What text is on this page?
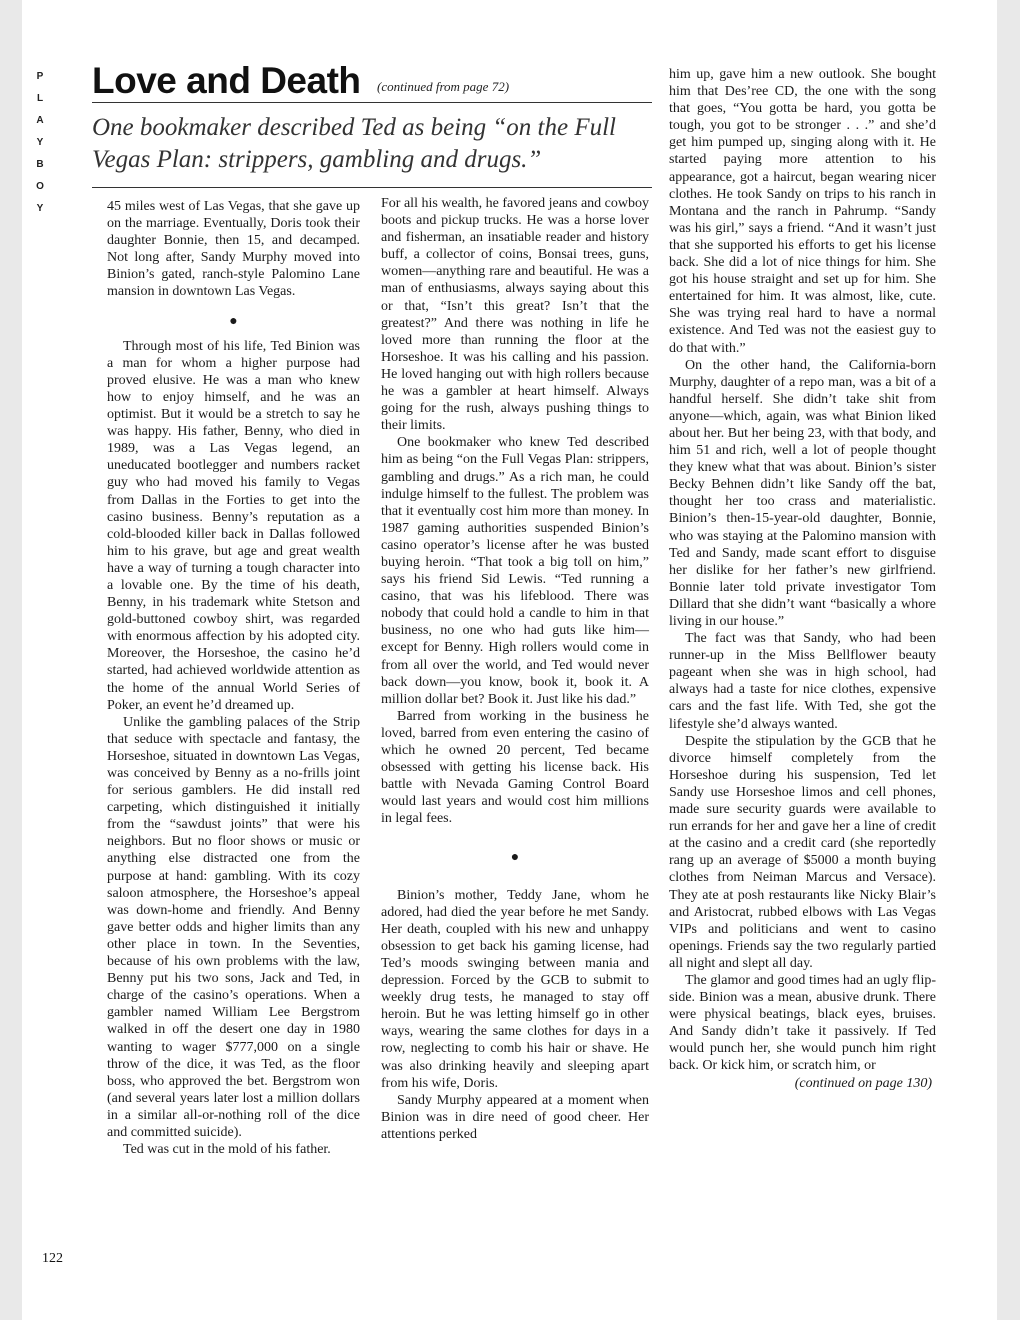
P
L
A
Y
B
O
Y
Love and Death (continued from page 72)
One bookmaker described Ted as being “on the Full Vegas Plan: strippers, gambling and drugs.”

45 miles west of Las Vegas, that she gave up on the marriage. Eventually, Doris took their daughter Bonnie, then 15, and decamped. Not long after, Sandy Murphy moved into Binion’s gated, ranch-style Palomino Lane mansion in downtown Las Vegas.

●

Through most of his life, Ted Binion was a man for whom a higher purpose had proved elusive. He was a man who knew how to enjoy himself, and he was an optimist. But it would be a stretch to say he was happy. His father, Benny, who died in 1989, was a Las Vegas legend, an uneducated bootlegger and numbers racket guy who had moved his family to Vegas from Dallas in the Forties to get into the casino business. Benny’s reputation as a cold-blooded killer back in Dallas followed him to his grave, but age and great wealth have a way of turning a tough character into a lovable one. By the time of his death, Benny, in his trademark white Stetson and gold-buttoned cowboy shirt, was regarded with enormous affection by his adopted city. Moreover, the Horseshoe, the casino he’d started, had achieved worldwide attention as the home of the annual World Series of Poker, an event he’d dreamed up.

Unlike the gambling palaces of the Strip that seduce with spectacle and fantasy, the Horseshoe, situated in downtown Las Vegas, was conceived by Benny as a no-frills joint for serious gamblers. He did install red carpeting, which distinguished it initially from the “sawdust joints” that were his neighbors. But no floor shows or music or anything else distracted one from the purpose at hand: gambling. With its cozy saloon atmosphere, the Horseshoe’s appeal was down-home and friendly. And Benny gave better odds and higher limits than any other place in town. In the Seventies, because of his own problems with the law, Benny put his two sons, Jack and Ted, in charge of the casino’s operations. When a gambler named William Lee Bergstrom walked in off the desert one day in 1980 wanting to wager $777,000 on a single throw of the dice, it was Ted, as the floor boss, who approved the bet. Bergstrom won (and several years later lost a million dollars in a similar all-or-nothing roll of the dice and committed suicide).

Ted was cut in the mold of his father.

For all his wealth, he favored jeans and cowboy boots and pickup trucks. He was a horse lover and fisherman, an insatiable reader and history buff, a collector of coins, Bonsai trees, guns, women—anything rare and beautiful. He was a man of enthusiasms, always saying about this or that, “Isn’t this great? Isn’t that the greatest?” And there was nothing in life he loved more than running the floor at the Horseshoe. It was his calling and his passion. He loved hanging out with high rollers because he was a gambler at heart himself. Always going for the rush, always pushing things to their limits.

One bookmaker who knew Ted described him as being “on the Full Vegas Plan: strippers, gambling and drugs.” As a rich man, he could indulge himself to the fullest. The problem was that it eventually cost him more than money. In 1987 gaming authorities suspended Binion’s casino operator’s license after he was busted buying heroin. “That took a big toll on him,” says his friend Sid Lewis. “Ted running a casino, that was his lifeblood. There was nobody that could hold a candle to him in that business, no one who had guts like him—except for Benny. High rollers would come in from all over the world, and Ted would never back down—you know, book it, book it. A million dollar bet? Book it. Just like his dad.”

Barred from working in the business he loved, barred from even entering the casino of which he owned 20 percent, Ted became obsessed with getting his license back. His battle with Nevada Gaming Control Board would last years and would cost him millions in legal fees.

●

Binion’s mother, Teddy Jane, whom he adored, had died the year before he met Sandy. Her death, coupled with his new and unhappy obsession to get back his gaming license, had Ted’s moods swinging between mania and depression. Forced by the GCB to submit to weekly drug tests, he managed to stay off heroin. But he was letting himself go in other ways, wearing the same clothes for days in a row, neglecting to comb his hair or shave. He was also drinking heavily and sleeping apart from his wife, Doris.

Sandy Murphy appeared at a moment when Binion was in dire need of good cheer. Her attentions perked

him up, gave him a new outlook. She bought him that Des’ree CD, the one with the song that goes, “You gotta be hard, you gotta be tough, you got to be stronger . . .” and she’d get him pumped up, singing along with it. He started paying more attention to his appearance, got a haircut, began wearing nicer clothes. He took Sandy on trips to his ranch in Montana and the ranch in Pahrump. “Sandy was his girl,” says a friend. “And it wasn’t just that she supported his efforts to get his license back. She did a lot of nice things for him. She got his house straight and set up for him. She entertained for him. It was almost, like, cute. She was trying real hard to have a normal existence. And Ted was not the easiest guy to do that with.”

On the other hand, the California-born Murphy, daughter of a repo man, was a bit of a handful herself. She didn’t take shit from anyone—which, again, was what Binion liked about her. But her being 23, with that body, and him 51 and rich, well a lot of people thought they knew what that was about. Binion’s sister Becky Behnen didn’t like Sandy off the bat, thought her too crass and materialistic. Binion’s then-15-year-old daughter, Bonnie, who was staying at the Palomino mansion with Ted and Sandy, made scant effort to disguise her dislike for her father’s new girlfriend. Bonnie later told private investigator Tom Dillard that she didn’t want “basically a whore living in our house.”

The fact was that Sandy, who had been runner-up in the Miss Bellflower beauty pageant when she was in high school, had always had a taste for nice clothes, expensive cars and the fast life. With Ted, she got the lifestyle she’d always wanted.

Despite the stipulation by the GCB that he divorce himself completely from the Horseshoe during his suspension, Ted let Sandy use Horseshoe limos and cell phones, made sure security guards were available to run errands for her and gave her a line of credit at the casino and a credit card (she reportedly rang up an average of $5000 a month buying clothes from Neiman Marcus and Versace). They ate at posh restaurants like Nicky Blair’s and Aristocrat, rubbed elbows with Las Vegas VIPs and politicians and went to casino openings. Friends say the two regularly partied all night and slept all day.

The glamor and good times had an ugly flip-side. Binion was a mean, abusive drunk. There were physical beatings, black eyes, bruises. And Sandy didn’t take it passively. If Ted would punch her, she would punch him right back. Or kick him, or scratch him, or

(continued on page 130)
122
